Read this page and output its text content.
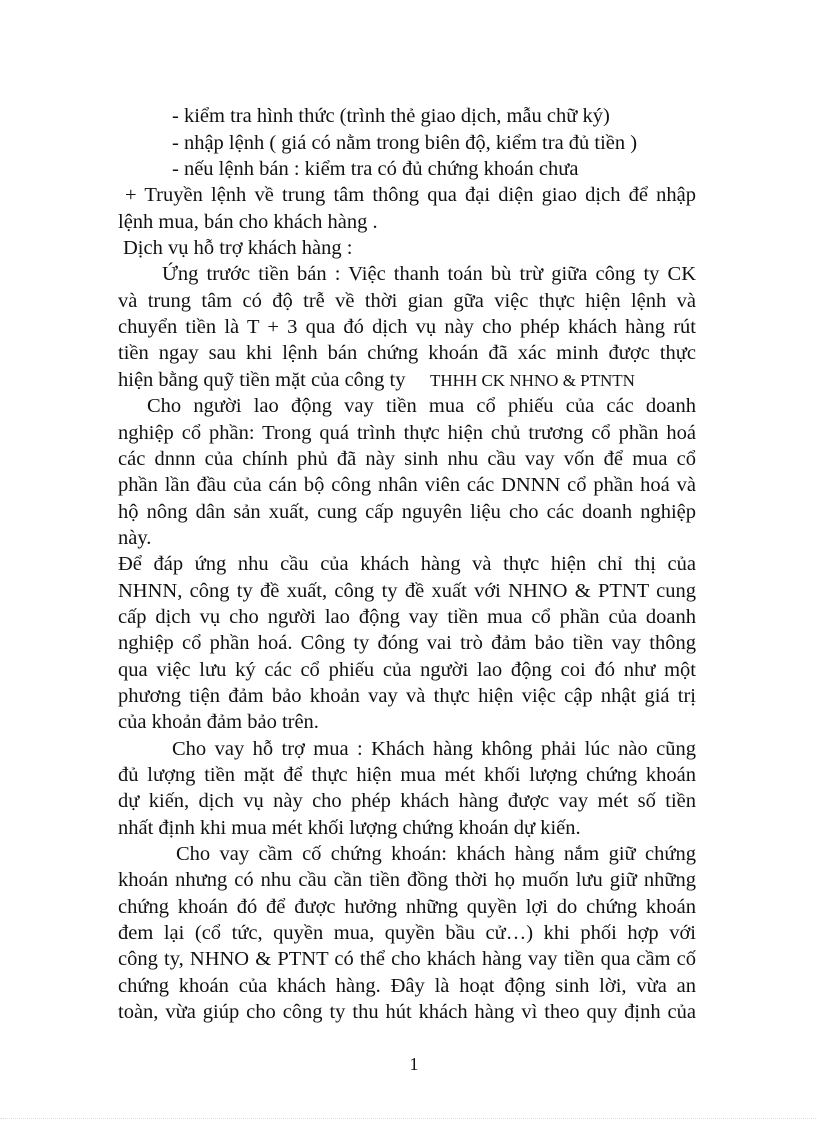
- kiểm tra hình thức (trình thẻ giao dịch, mẫu chữ ký)
- nhập lệnh ( giá có nằm trong biên độ, kiểm tra đủ tiền )
- nếu lệnh bán : kiểm tra có đủ chứng khoán chưa
+ Truyền lệnh về trung tâm thông qua đại diện giao dịch để nhập
lệnh mua, bán cho khách hàng .
Dịch vụ hỗ trợ khách hàng :
Ứng trước tiền bán : Việc thanh toán bù trừ giữa công ty CK
và trung tâm có độ trễ về thời gian gữa việc thực hiện lệnh và
chuyển tiền là T + 3 qua đó dịch vụ này cho phép khách hàng rút
tiền ngay sau khi lệnh bán chứng khoán đã xác minh được thực
hiện bằng quỹ tiền mặt của công ty THHH CK NHNO & PTNTN
Cho người lao động vay tiền mua cổ phiếu của các doanh
nghiệp cổ phần: Trong quá trình thực hiện chủ trương cổ phần hoá
các dnnn của chính phủ đã này sinh nhu cầu vay vốn để mua cổ
phần lần đầu của cán bộ công nhân viên các DNNN cổ phần hoá và
hộ nông dân sản xuất, cung cấp nguyên liệu cho các doanh nghiệp
này.
Để đáp ứng nhu cầu của khách hàng và thực hiện chỉ thị của
NHNN, công ty đề xuất, công ty đề xuất với NHNO & PTNT cung
cấp dịch vụ cho người lao động vay tiền mua cổ phần của doanh
nghiệp cổ phần hoá. Công ty đóng vai trò đảm bảo tiền vay thông
qua việc lưu ký các cổ phiếu của người lao động coi đó như một
phương tiện đảm bảo khoản vay và thực hiện việc cập nhật giá trị
của khoản đảm bảo trên.
Cho vay hỗ trợ mua : Khách hàng không phải lúc nào cũng
đủ lượng tiền mặt để thực hiện mua mét khối lượng chứng khoán
dự kiến, dịch vụ này cho phép khách hàng được vay mét số tiền
nhất định khi mua mét khối lượng chứng khoán dự kiến.
Cho vay cầm cố chứng khoán: khách hàng nắm giữ chứng
khoán nhưng có nhu cầu cần tiền đồng thời họ muốn lưu giữ những
chứng khoán đó để được hưởng những quyền lợi do chứng khoán
đem lại (cổ tức, quyền mua, quyền bầu cử…) khi phối hợp với
công ty, NHNO & PTNT có thể cho khách hàng vay tiền qua cầm cố
chứng khoán của khách hàng. Đây là hoạt động sinh lời, vừa an
toàn, vừa giúp cho công ty thu hút khách hàng vì theo quy định của
1
